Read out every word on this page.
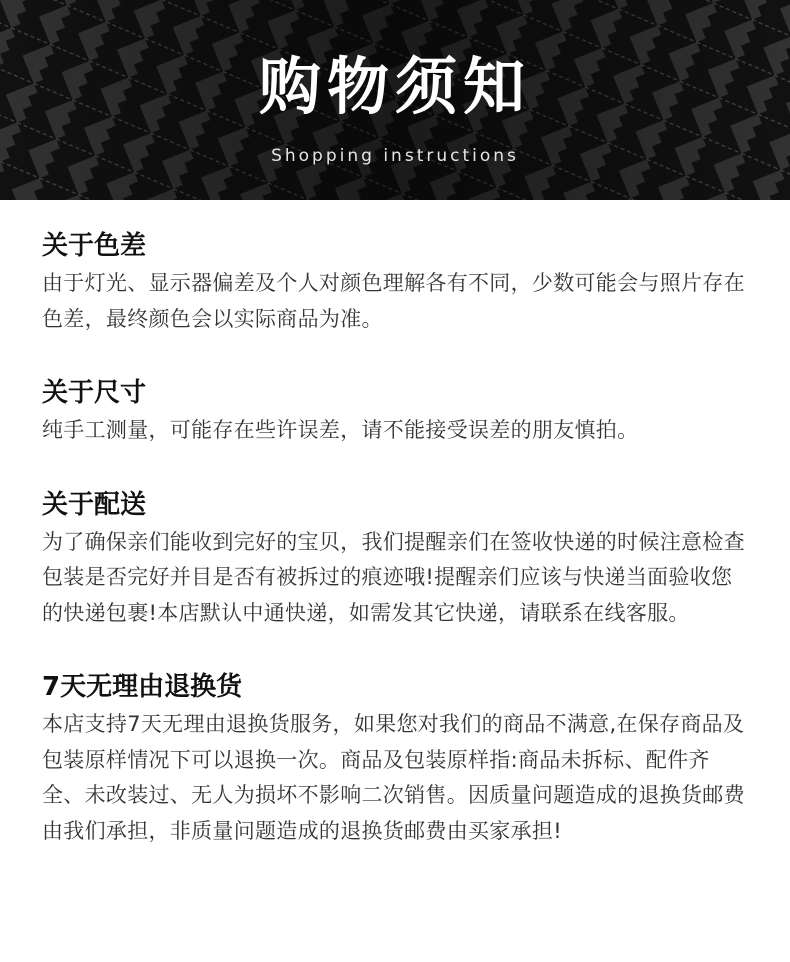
购物须知
Shopping instructions
关于色差

由于灯光、显示器偏差及个人对颜色理解各有不同，少数可能会与照片存在色差，最终颜色会以实际商品为准。

关于尺寸

纯手工测量，可能存在些许误差，请不能接受误差的朋友慎拍。

关于配送

为了确保亲们能收到完好的宝贝，我们提醒亲们在签收快递的时候注意检查包装是否完好并目是否有被拆过的痕迹哦!提醒亲们应该与快递当面验收您的快递包裹!本店默认中通快递，如需发其它快递，请联系在线客服。

7天无理由退换货

本店支持7天无理由退换货服务，如果您对我们的商品不满意,在保存商品及包装原样情况下可以退换一次。商品及包装原样指:商品未拆标、配件齐全、未改装过、无人为损坏不影响二次销售。因质量问题造成的退换货邮费由我们承担，非质量问题造成的退换货邮费由买家承担!
